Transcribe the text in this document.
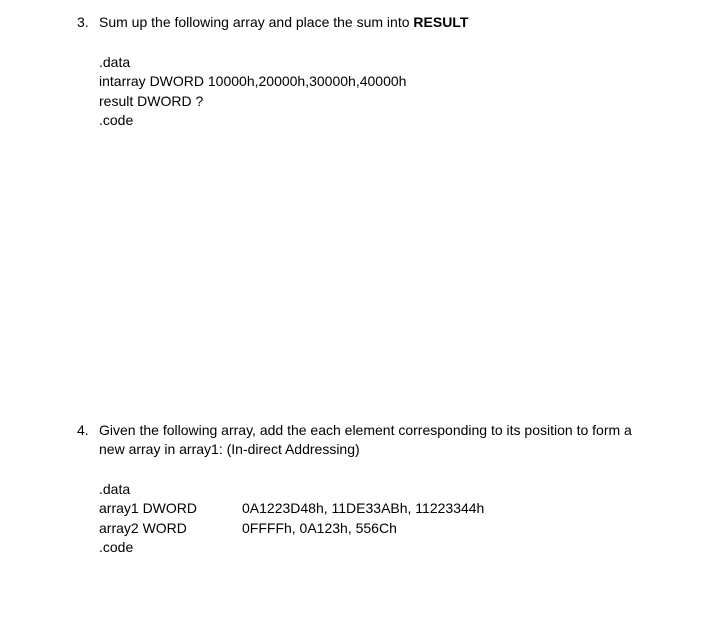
3. Sum up the following array and place the sum into RESULT
.data
intarray DWORD 10000h,20000h,30000h,40000h
result DWORD ?
.code
4. Given the following array, add the each element corresponding to its position to form a
new array in array1: (In-direct Addressing)
.data
array1 DWORD	0A1223D48h, 11DE33ABh, 11223344h
array2 WORD	0FFFFh, 0A123h, 556Ch
.code
